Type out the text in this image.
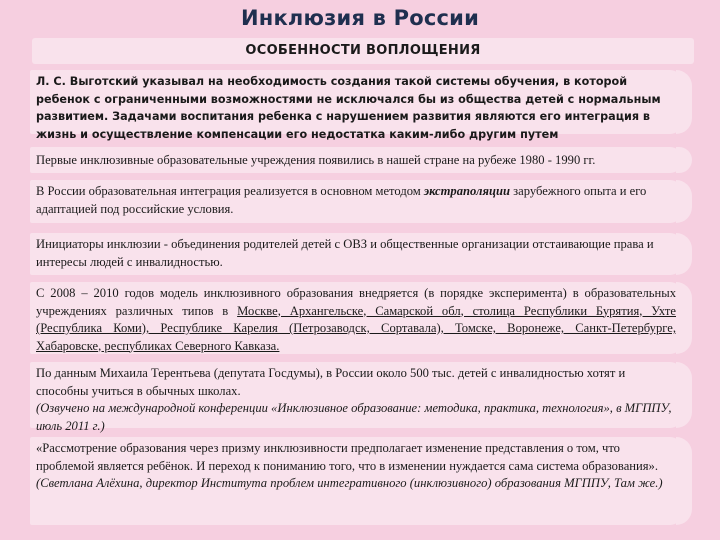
Инклюзия в России
ОСОБЕННОСТИ ВОПЛОЩЕНИЯ
Л. С. Выготский указывал на необходимость создания такой системы обучения, в которой ребенок с ограниченными возможностями не исключался бы из общества детей с нормальным развитием. Задачами воспитания ребенка с нарушением развития являются его интеграция в жизнь и осуществление компенсации его недостатка каким-либо другим путем
Первые инклюзивные образовательные учреждения появились в нашей стране на рубеже 1980 - 1990 гг.
В России образовательная интеграция реализуется в основном методом экстраполяции зарубежного опыта и его адаптацией под российские условия.
Инициаторы инклюзии - объединения родителей детей с ОВЗ и общественные организации отстаивающие права и интересы людей с инвалидностью.
С 2008 – 2010 годов модель инклюзивного образования внедряется (в порядке эксперимента) в образовательных учреждениях различных типов в Москве, Архангельске, Самарской обл, столица Республики Бурятия, Ухте (Республика Коми), Республике Карелия (Петрозаводск, Сортавала), Томске, Воронеже, Санкт-Петербурге, Хабаровске, республиках Северного Кавказа.
По данным Михаила Терентьева (депутата Госдумы), в России около 500 тыс. детей с инвалидностью хотят и способны учиться в обычных школах.
(Озвучено на международной конференции «Инклюзивное образование: методика, практика, технология», в МГППУ, июль 2011 г.)
«Рассмотрение образования через призму инклюзивности предполагает изменение представления о том, что проблемой является ребёнок. И переход к пониманию того, что в изменении нуждается сама система образования».
(Светлана Алёхина, директор Института проблем интегративного (инклюзивного) образования МГППУ, Там же.)
